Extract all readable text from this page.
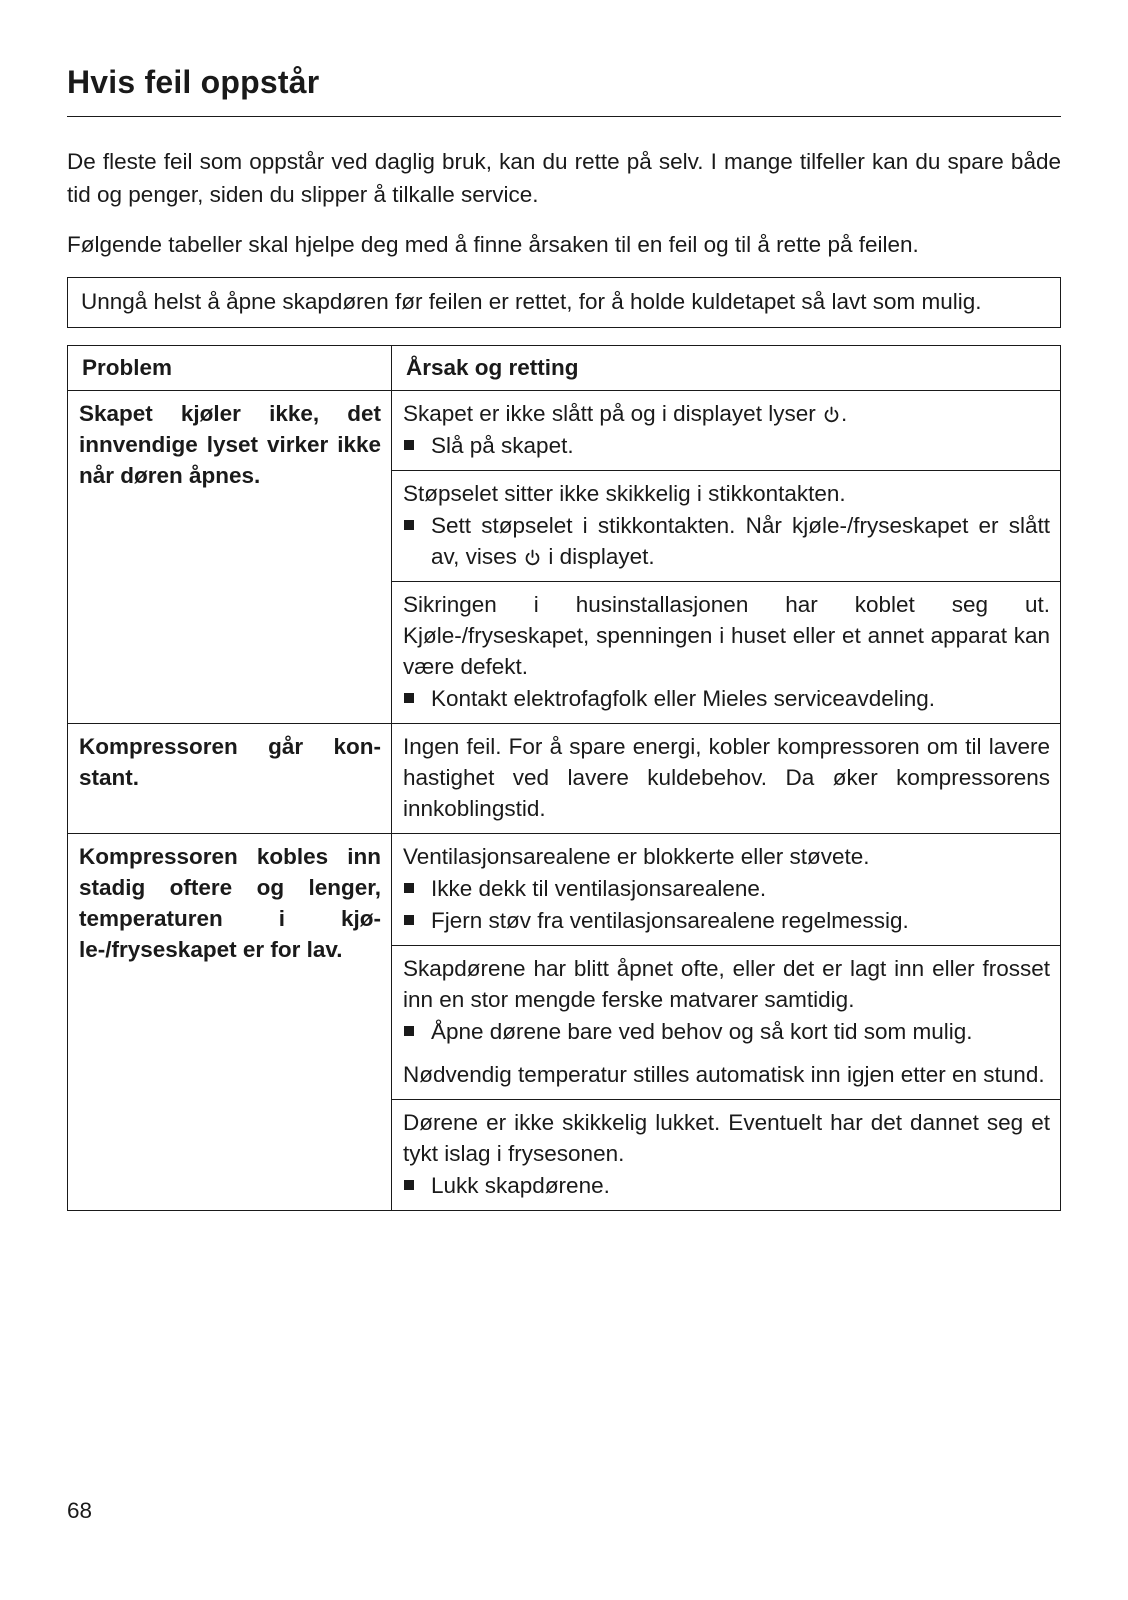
Hvis feil oppstår

De fleste feil som oppstår ved daglig bruk, kan du rette på selv. I mange tilfeller kan du spare både tid og penger, siden du slipper å tilkalle service.

Følgende tabeller skal hjelpe deg med å finne årsaken til en feil og til å rette på feilen.

Unngå helst å åpne skapdøren før feilen er rettet, for å holde kuldetapet så lavt som mulig.

Problem	Årsak og retting
Skapet kjøler ikke, det innvendige lyset virker ikke når døren åpnes.	Skapet er ikke slått på og i displayet lyser .

Slå på skapet.

	Støpselet sitter ikke skikkelig i stikkontakten.

Sett støpselet i stikkontakten. Når kjøle-/fryseskapet er slått av, vises  i displayet.

	Sikringen i husinstallasjonen har koblet seg ut. Kjøle-/fryseskapet, spenningen i huset eller et annet apparat kan være defekt.

Kontakt elektrofagfolk eller Mieles serviceavdeling.

Kompressoren går konstant.	Ingen feil. For å spare energi, kobler kompressoren om til lavere hastighet ved lavere kuldebehov. Da øker kompressorens innkoblingstid.

Kompressoren kobles inn stadig oftere og lenger, temperaturen i kjøle-/fryseskapet er for lav.	Ventilasjonsarealene er blokkerte eller støvete.

Ikke dekk til ventilasjonsarealene.
Fjern støv fra ventilasjonsarealene regelmessig.

	Skapdørene har blitt åpnet ofte, eller det er lagt inn eller frosset inn en stor mengde ferske matvarer samtidig.

Åpne dørene bare ved behov og så kort tid som mulig.

Nødvendig temperatur stilles automatisk inn igjen etter en stund.

	Dørene er ikke skikkelig lukket. Eventuelt har det dannet seg et tykt islag i frysesonen.

Lukk skapdørene.
68
